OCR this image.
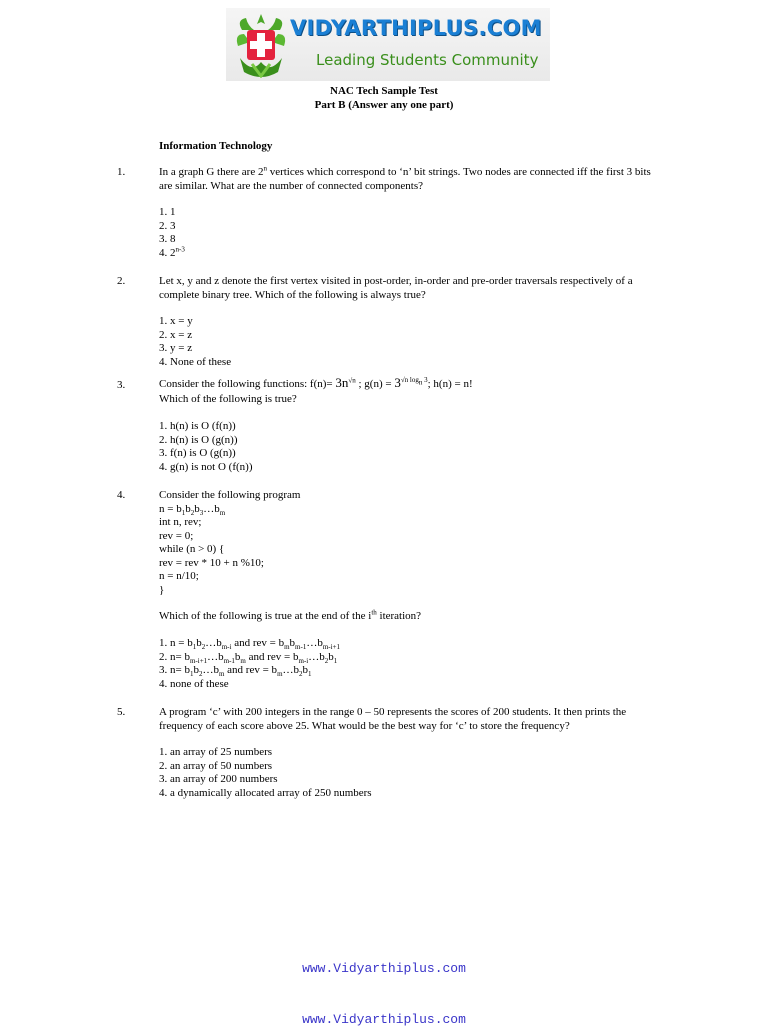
VIDYARTHIPLUS.COM
Leading Students Community
NAC Tech Sample Test
Part B (Answer any one part)
Information Technology
1.	In a graph G there are 2$^n$ vertices which correspond to ‘n’ bit strings. Two nodes are connected iff the first 3 bits are similar. What are the number of connected components?
1. 1
2. 3
3. 8
4. 2$^{n-3}$
2.	Let x, y and z denote the first vertex visited in post-order, in-order and pre-order traversals respectively of a complete binary tree. Which of the following is always true?
1. x = y
2. x = z
3. y = z
4. None of these
3.	Consider the following functions: $f(n)= 3n^{√n}$ ; $g(n) = 3^{√n log_n 3}$; h(n) = n!
Which of the following is true?
1. h(n) is O (f(n))
2. h(n) is O (g(n))
3. f(n) is O (g(n))
4. g(n) is not O (f(n))
4.	Consider the following program
$n = b_1b_2b_3\dots b_m$
int n, rev;
rev = 0;
while (n > 0) {
rev = rev * 10 + n %10;
n = n/10;
}
Which of the following is true at the end of the $i^{th}$ iteration?
1. $n = b_1b_2\dots b_{m-i}$ and rev = $b_mb_{m-1}\dots b_{m-i+1}$
2. $n= b_{m-i+1}\dots b_{m-1}b_m$ and rev = $b_{m-i}\dots b_2b_1$
3. $n= b_1b_2\dots b_m$ and rev = $b_m\dots b_2b_1$
4. none of these
5.	A program ‘c’ with 200 integers in the range 0 – 50 represents the scores of 200 students. It then prints the frequency of each score above 25. What would be the best way for ‘c’ to store the frequency?
1. an array of 25 numbers
2. an array of 50 numbers
3. an array of 200 numbers
4. a dynamically allocated array of 250 numbers
www.Vidyarthiplus.com
www.Vidyarthiplus.com
